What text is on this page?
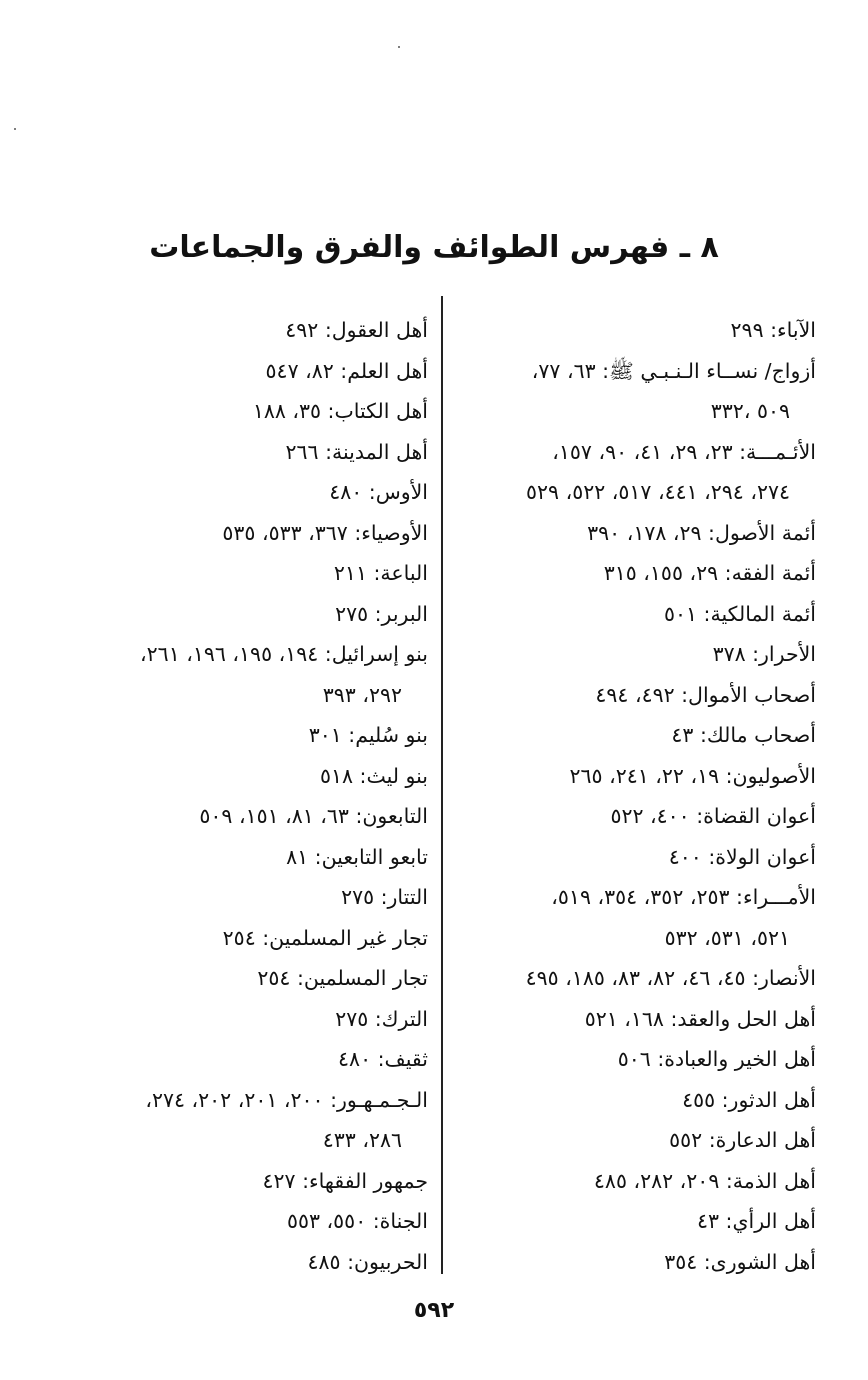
٨ ـ فهرس الطوائف والفرق والجماعات
الآباء: ٢٩٩
أزواج/ نســاء الـنـبـي ﷺ: ٦٣، ٧٧،
٥٠٩ ،٣٣٢
الأئـمـــة: ٢٣، ٢٩، ٤١، ٩٠، ١٥٧،
٢٧٤، ٢٩٤، ٤٤١، ٥١٧، ٥٢٢، ٥٢٩
أئمة الأصول: ٢٩، ١٧٨، ٣٩٠
أئمة الفقه: ٢٩، ١٥٥، ٣١٥
أئمة المالكية: ٥٠١
الأحرار: ٣٧٨
أصحاب الأموال: ٤٩٢، ٤٩٤
أصحاب مالك: ٤٣
الأصوليون: ١٩، ٢٢، ٢٤١، ٢٦٥
أعوان القضاة: ٤٠٠، ٥٢٢
أعوان الولاة: ٤٠٠
الأمـــراء: ٢٥٣، ٣٥٢، ٣٥٤، ٥١٩،
٥٢١، ٥٣١، ٥٣٢
الأنصار: ٤٥، ٤٦، ٨٢، ٨٣، ١٨٥، ٤٩٥
أهل الحل والعقد: ١٦٨، ٥٢١
أهل الخير والعبادة: ٥٠٦
أهل الدثور: ٤٥٥
أهل الدعارة: ٥٥٢
أهل الذمة: ٢٠٩، ٢٨٢، ٤٨٥
أهل الرأي: ٤٣
أهل الشورى: ٣٥٤
أهل العقول: ٤٩٢
أهل العلم: ٨٢، ٥٤٧
أهل الكتاب: ٣٥، ١٨٨
أهل المدينة: ٢٦٦
الأوس: ٤٨٠
الأوصياء: ٣٦٧، ٥٣٣، ٥٣٥
الباعة: ٢١١
البربر: ٢٧٥
بنو إسرائيل: ١٩٤، ١٩٥، ١٩٦، ٢٦١،
٢٩٢، ٣٩٣
بنو سُليم: ٣٠١
بنو ليث: ٥١٨
التابعون: ٦٣، ٨١، ١٥١، ٥٠٩
تابعو التابعين: ٨١
التتار: ٢٧٥
تجار غير المسلمين: ٢٥٤
تجار المسلمين: ٢٥٤
الترك: ٢٧٥
ثقيف: ٤٨٠
الـجـمـهـور: ٢٠٠، ٢٠١، ٢٠٢، ٢٧٤،
٢٨٦، ٤٣٣
جمهور الفقهاء: ٤٢٧
الجناة: ٥٥٠، ٥٥٣
الحربيون: ٤٨٥
٥٩٢
